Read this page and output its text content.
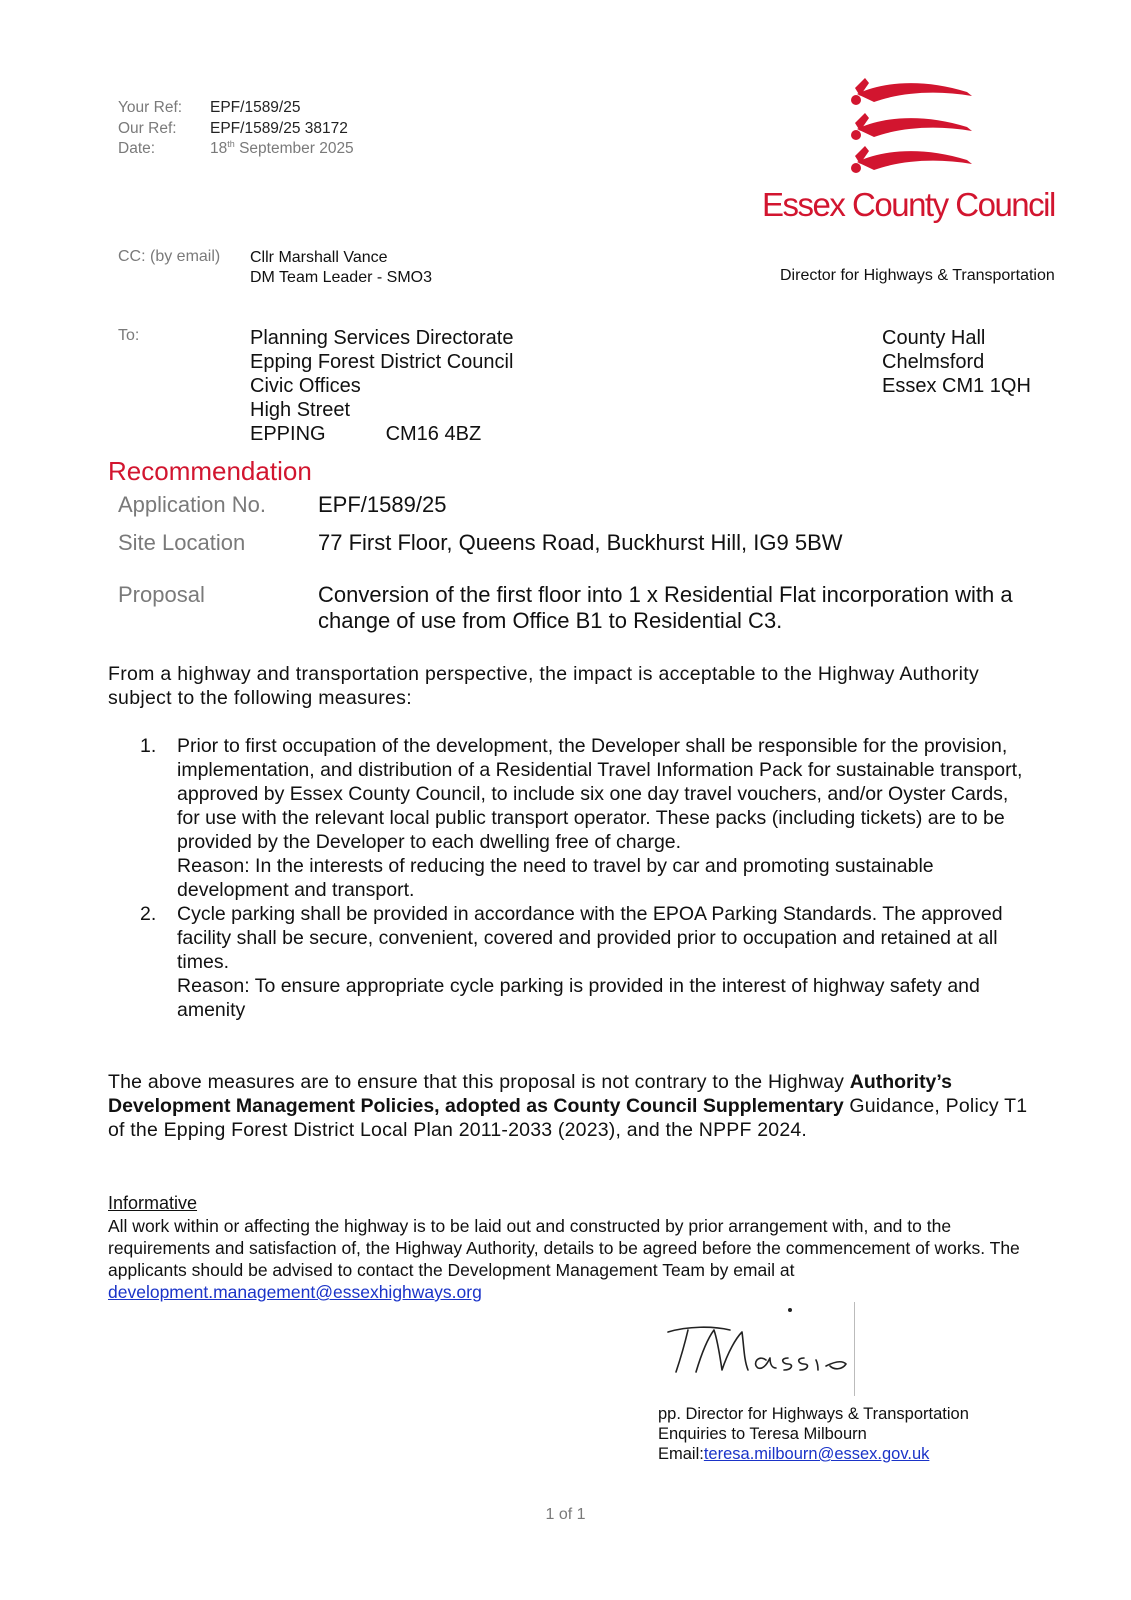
Your Ref:	EPF/1589/25
Our Ref:	EPF/1589/25 38172
Date:	18th September 2025
Essex County Council
Director for Highways & Transportation
CC: (by email) Cllr Marshall Vance
DM Team Leader - SMO3
To:	Planning Services Directorate
Epping Forest District Council
Civic Offices
High Street
EPPING	CM16 4BZ
County Hall
Chelmsford
Essex CM1 1QH
Recommendation
Application No.	EPF/1589/25
Site Location	77 First Floor, Queens Road, Buckhurst Hill, IG9 5BW
Proposal	Conversion of the first floor into 1 x Residential Flat incorporation with a change of use from Office B1 to Residential C3.
From a highway and transportation perspective, the impact is acceptable to the Highway Authority subject to the following measures:
1.	Prior to first occupation of the development, the Developer shall be responsible for the provision, implementation, and distribution of a Residential Travel Information Pack for sustainable transport, approved by Essex County Council, to include six one day travel vouchers, and/or Oyster Cards, for use with the relevant local public transport operator. These packs (including tickets) are to be provided by the Developer to each dwelling free of charge.
Reason: In the interests of reducing the need to travel by car and promoting sustainable development and transport.
2.	Cycle parking shall be provided in accordance with the EPOA Parking Standards. The approved facility shall be secure, convenient, covered and provided prior to occupation and retained at all times.
Reason: To ensure appropriate cycle parking is provided in the interest of highway safety and amenity
The above measures are to ensure that this proposal is not contrary to the Highway Authority’s Development Management Policies, adopted as County Council Supplementary Guidance, Policy T1 of the Epping Forest District Local Plan 2011-2033 (2023), and the NPPF 2024.
Informative
All work within or affecting the highway is to be laid out and constructed by prior arrangement with, and to the requirements and satisfaction of, the Highway Authority, details to be agreed before the commencement of works. The applicants should be advised to contact the Development Management Team by email at development.management@essexhighways.org
pp. Director for Highways & Transportation
Enquiries to Teresa Milbourn
Email:teresa.milbourn@essex.gov.uk
1 of 1
